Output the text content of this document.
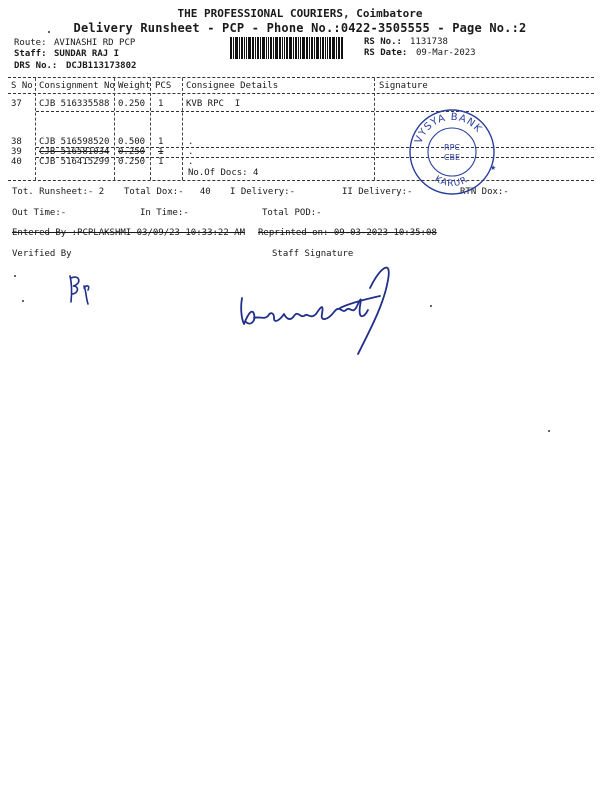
THE PROFESSIONAL COURIERS, Coimbatore
Delivery Runsheet - PCP - Phone No.:0422-3505555 - Page No.:2
Route: AVINASHI RD PCP
Staff: SUNDAR RAJ I
DRS No.: DCJB113173802
RS No.: 1131738
RS Date: 09-Mar-2023
S No Consignment No Weight PCS Consignee Details	Signature
37 CJB 516335588 0.250 1	KVB RPC  I
38 CJB 516598520 0.500 1	.
39 CJB 516581034 0.250 1	.
40 CJB 516415299 0.250 1	.
No.Of Docs: 4
Tot. Runsheet:- 2 Total Dox:-   40 I Delivery:-	II Delivery:-	RTN Dox:-
Out Time:-	In Time:-	Total POD:-
Entered By :PCPLAKSHMI 03/09/23 10:33:22 AM Reprinted on: 09-03-2023 10:35:08
Verified By	Staff Signature
VYSYA BANK
KARUR
RPC
CBE
★
